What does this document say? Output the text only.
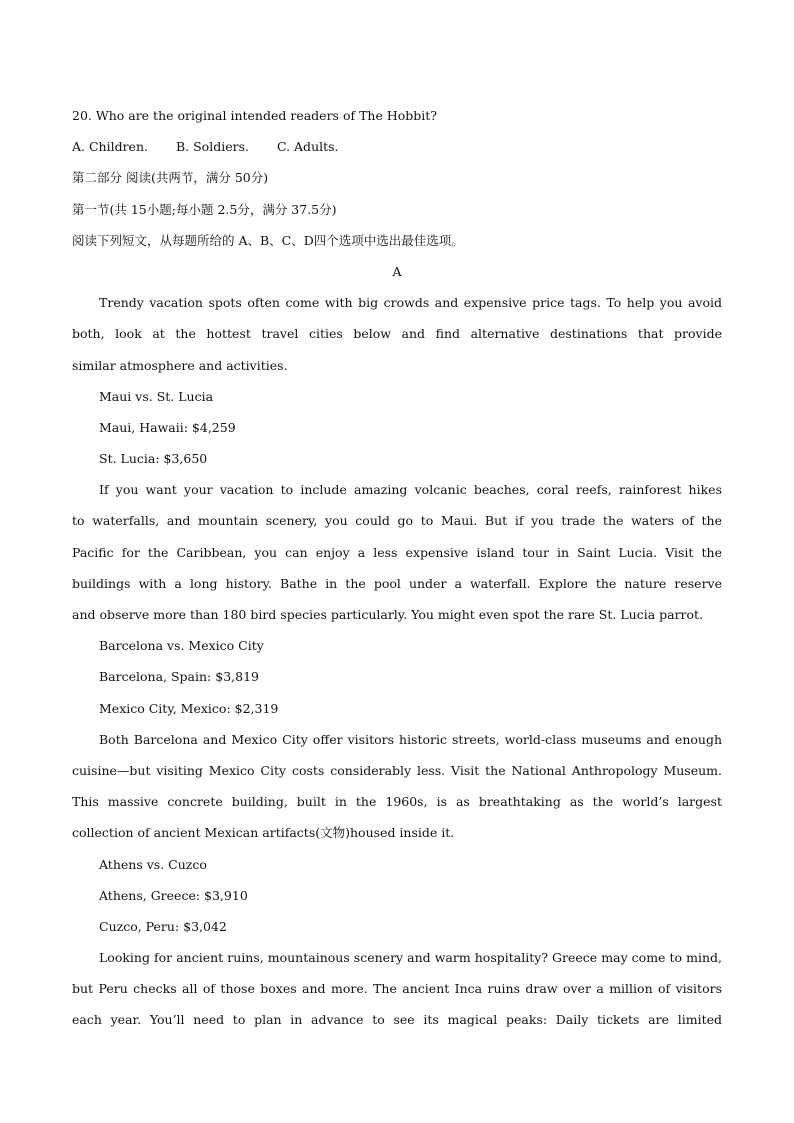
20. Who are the original intended readers of The Hobbit?
A. Children. B. Soldiers. C. Adults.
第二部分 阅读(共两节，满分 50分)
第一节(共 15小题;每小题 2.5分，满分 37.5分)
阅读下列短文，从每题所给的 A、B、C、D四个选项中选出最佳选项。
A
Trendy vacation spots often come with big crowds and expensive price tags. To help you avoid
both, look at the hottest travel cities below and find alternative destinations that provide
similar atmosphere and activities.
Maui vs. St. Lucia
Maui, Hawaii: $4,259
St. Lucia: $3,650
If you want your vacation to include amazing volcanic beaches, coral reefs, rainforest hikes
to waterfalls, and mountain scenery, you could go to Maui. But if you trade the waters of the
Pacific for the Caribbean, you can enjoy a less expensive island tour in Saint Lucia. Visit the
buildings with a long history. Bathe in the pool under a waterfall. Explore the nature reserve
and observe more than 180 bird species particularly. You might even spot the rare St. Lucia parrot.
Barcelona vs. Mexico City
Barcelona, Spain: $3,819
Mexico City, Mexico: $2,319
Both Barcelona and Mexico City offer visitors historic streets, world-class museums and enough
cuisine—but visiting Mexico City costs considerably less. Visit the National Anthropology Museum.
This massive concrete building, built in the 1960s, is as breathtaking as the world’s largest
collection of ancient Mexican artifacts(文物)housed inside it.
Athens vs. Cuzco
Athens, Greece: $3,910
Cuzco, Peru: $3,042
Looking for ancient ruins, mountainous scenery and warm hospitality? Greece may come to mind,
but Peru checks all of those boxes and more. The ancient Inca ruins draw over a million of visitors
each year. You’ll need to plan in advance to see its magical peaks: Daily tickets are limited
